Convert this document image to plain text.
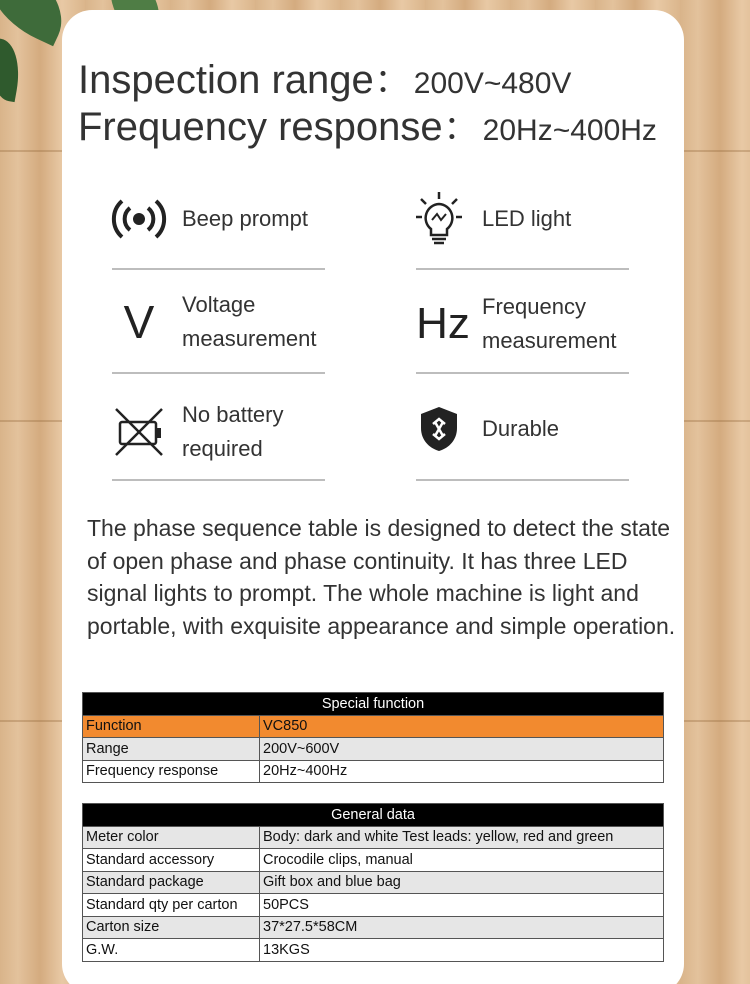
Inspection range：200V~480V
Frequency response：20Hz~400Hz
Beep prompt	LED light
V	Voltage measurement	Hz Frequency measurement
No battery required
Durable
The phase sequence table is designed to detect the state of open phase and phase continuity. It has three LED signal lights to prompt. The whole machine is light and portable, with exquisite appearance and simple operation.
Special function	
Function	VC850
Range	200V~600V
Frequency response	20Hz~400Hz
General data	
Meter color	Body: dark and white Test leads: yellow, red and green
Standard accessory	Crocodile clips, manual
Standard package	Gift box and blue bag
Standard qty per carton	50PCS
Carton size	37*27.5*58CM
G.W.	13KGS
